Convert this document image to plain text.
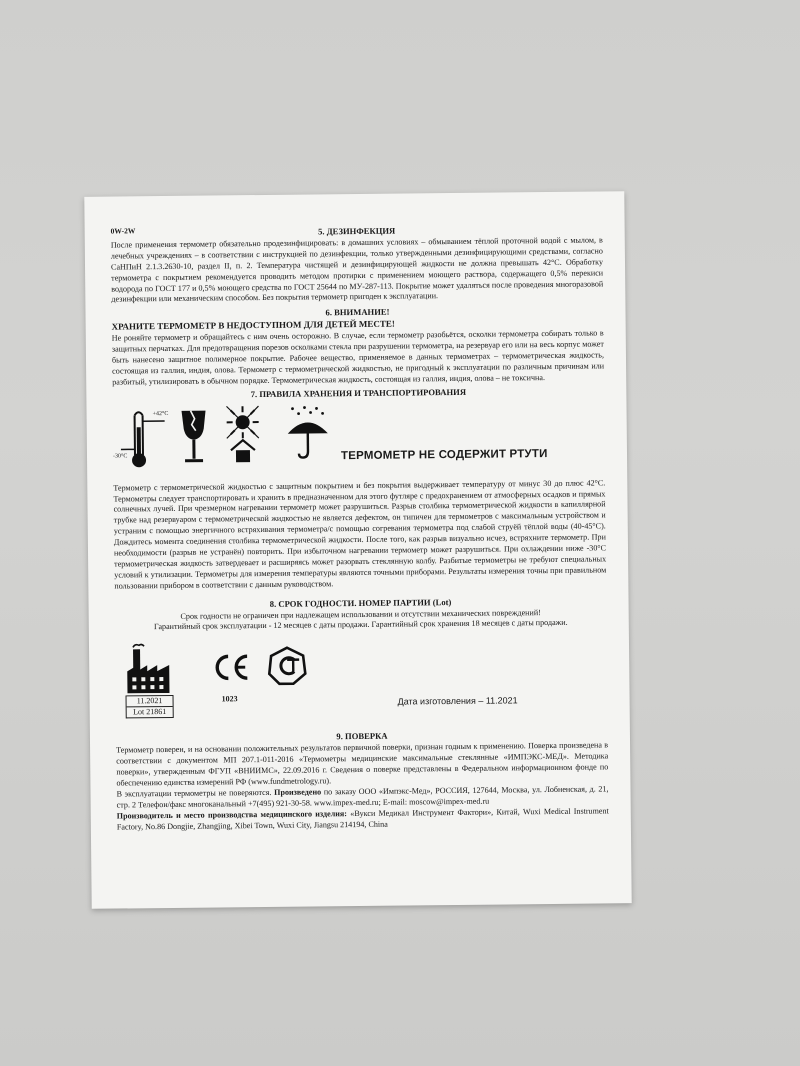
0W-2W	5. ДЕЗИНФЕКЦИЯ

После применения термометр обязательно продезинфицировать: в домашних условиях – обмыванием тёплой проточной водой с мылом, в лечебных учреждениях – в соответствии с инструкцией по дезинфекции, только утвержденными дезинфицирующими средствами, согласно СаНПиН 2.1.3.2630-10, раздел II, п. 2. Температура чистящей и дезинфицирующей жидкости не должна превышать 42°С. Обработку термометра с покрытием рекомендуется проводить методом протирки с применением моющего раствора, содержащего 0,5% перекиси водорода по ГОСТ 177 и 0,5% моющего средства по ГОСТ 25644 по МУ-287-113. Покрытие может удаляться после проведения многоразовой дезинфекции или механическим способом. Без покрытия термометр пригоден к эксплуатации.

6. ВНИМАНИЕ!
ХРАНИТЕ ТЕРМОМЕТР В НЕДОСТУПНОМ ДЛЯ ДЕТЕЙ МЕСТЕ!

Не роняйте термометр и обращайтесь с ним очень осторожно. В случае, если термометр разобьётся, осколки термометра собирать только в защитных перчатках. Для предотвращения порезов осколками стекла при разрушении термометра, на резервуар его или на весь корпус может быть нанесено защитное полимерное покрытие. Рабочее вещество, применяемое в данных термометрах – термометрическая жидкость, состоящая из галлия, индия, олова. Термометр с термометрической жидкостью, не пригодный к эксплуатации по различным причинам или разбитый, утилизировать в обычном порядке. Термометрическая жидкость, состоящая из галлия, индия, олова – не токсична.

7. ПРАВИЛА ХРАНЕНИЯ И ТРАНСПОРТИРОВАНИЯ
+42°С
-30°С	ТЕРМОМЕТР НЕ СОДЕРЖИТ РТУТИ

Термометр с термометрической жидкостью с защитным покрытием и без покрытия выдерживает температуру от минус 30 до плюс 42°С. Термометры следует транспортировать и хранить в предназначенном для этого футляре с предохранением от атмосферных осадков и прямых солнечных лучей. При чрезмерном нагревании термометр может разрушиться. Разрыв столбика термометрической жидкости в капиллярной трубке над резервуаром с термометрической жидкостью не является дефектом, он типичен для термометров с максимальным устройством и устраним с помощью энергичного встряхивания термометра/с помощью согревания термометра под слабой струёй тёплой воды (40-45°С). Дождитесь момента соединения столбика термометрической жидкости. После того, как разрыв визуально исчез, встряхните термометр. При необходимости (разрыв не устранён) повторить. При избыточном нагревании термометр может разрушиться. При охлаждении ниже -30°С термометрическая жидкость затвердевает и расширяясь может разорвать стеклянную колбу. Разбитые термометры не требуют специальных условий к утилизации. Термометры для измерения температуры являются точными приборами. Результаты измерения точны при правильном пользовании прибором в соответствии с данным руководством.

8. СРОК ГОДНОСТИ. НОМЕР ПАРТИИ (Lot)
Срок годности не ограничен при надлежащем использовании и отсутствии механических повреждений!
Гарантийный срок эксплуатации - 12 месяцев с даты продажи. Гарантийный срок хранения 18 месяцев с даты продажи.
11.2021
Lot 21861
1023	Дата изготовления – 11.2021
9. ПОВЕРКА

Термометр поверен, и на основании положительных результатов первичной поверки, признан годным к применению. Поверка произведена в соответствии с документом МП 207.1-011-2016 «Термометры медицинские максимальные стеклянные «ИМПЭКС-МЕД». Методика поверки», утвержденным ФГУП «ВНИИМС», 22.09.2016 г. Сведения о поверке представлены в Федеральном информационном фонде по обеспечению единства измерений РФ (www.fundmetrology.ru).

В эксплуатации термометры не поверяются. Произведено по заказу ООО «Импэкс-Мед», РОССИЯ, 127644, Москва, ул. Лобненская, д. 21, стр. 2 Телефон/факс многоканальный +7(495) 921-30-58. www.impex-med.ru; E-mail: moscow@impex-med.ru

Производитель и место производства медицинского изделия: «Вукси Медикал Инструмент Фактори», Китай, Wuxi Medical Instrument Factory, No.86 Dongjie, Zhangjing, Xibei Town, Wuxi City, Jiangsu 214194, China
